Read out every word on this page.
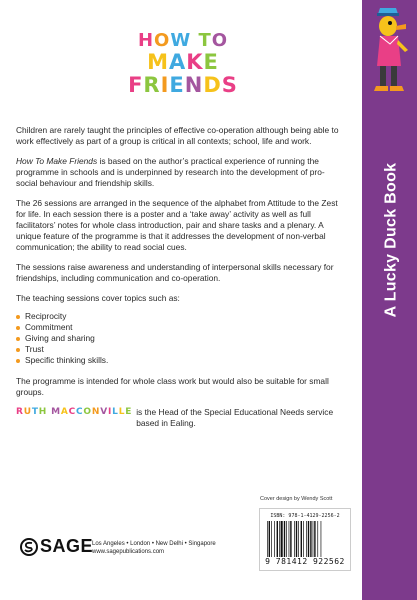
A Lucky Duck Book
HOW TO
MAKE
FRIENDS

Children are rarely taught the principles of effective co-operation although being able to work effectively as part of a group is critical in all contexts; school, life and work.

How To Make Friends is based on the author’s practical experience of running the programme in schools and is underpinned by research into the development of pro-social behaviour and friendship skills.

The 26 sessions are arranged in the sequence of the alphabet from Attitude to the Zest for life. In each session there is a poster and a ‘take away’ activity as well as full facilitators’ notes for whole class introduction, pair and share tasks and a plenary. A unique feature of the programme is that it addresses the development of non-verbal communication; the ability to read social cues.

The sessions raise awareness and understanding of interpersonal skills necessary for friendships, including communication and co-operation.

The teaching sessions cover topics such as:

Reciprocity
Commitment
Giving and sharing
Trust
Specific thinking skills.

The programme is intended for whole class work but would also be suitable for small groups.

RUTH MACCONVILLE is the Head of the Special Educational Needs service based in Ealing.
Cover design by Wendy Scott
ISBN: 978-1-4129-2256-2
9 781412 922562
SAGE
Los Angeles • London • New Delhi • Singapore
www.sagepublications.com
